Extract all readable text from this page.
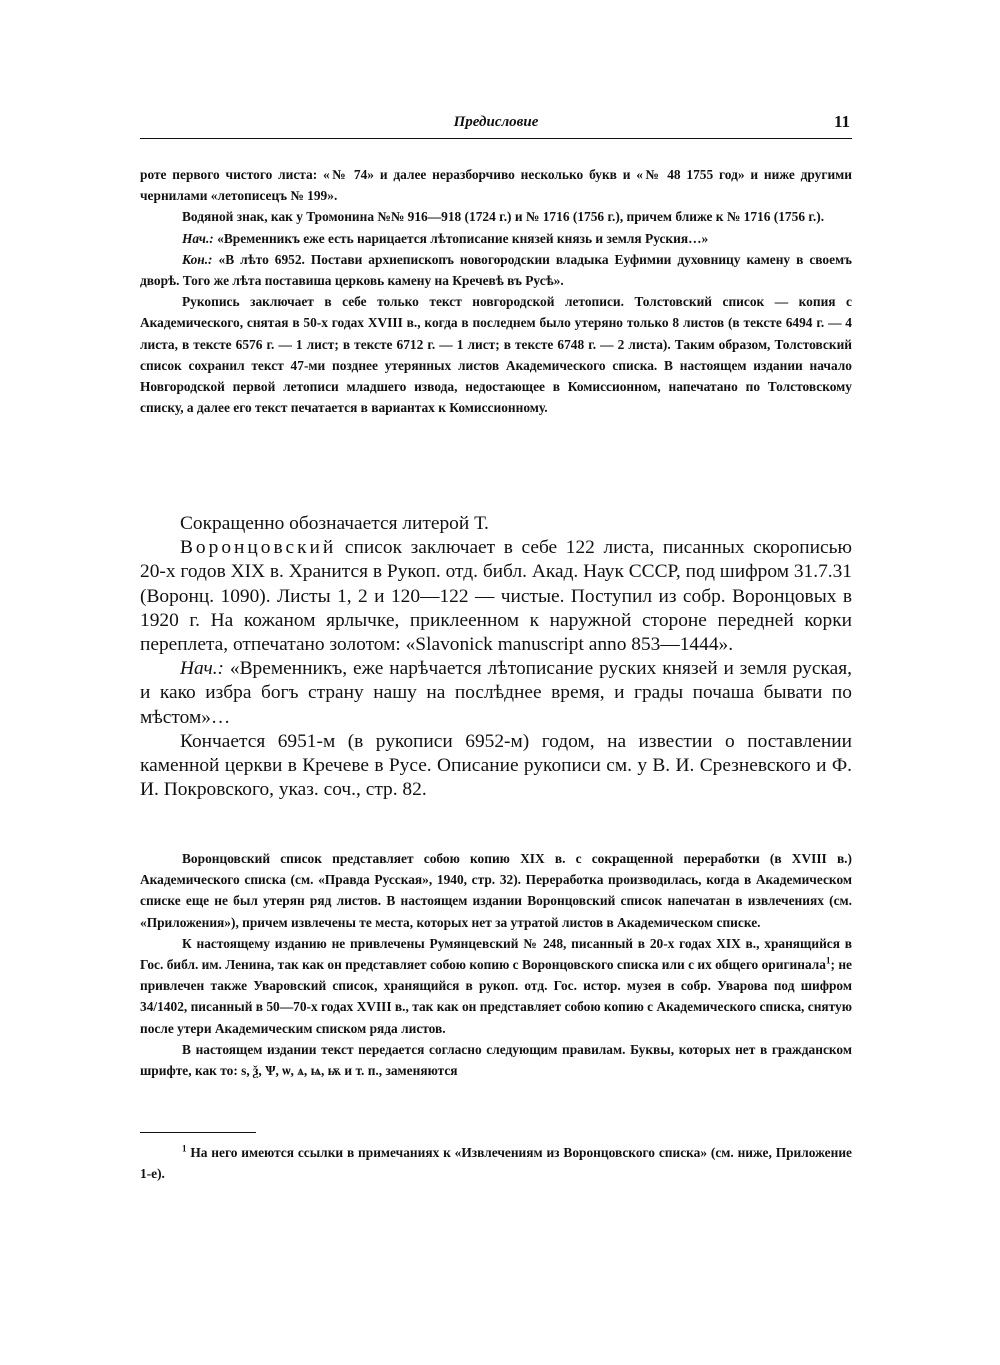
Предисловие	11

роте первого чистого листа: «№ 74» и далее неразборчиво несколько букв и «№ 48 1755 год» и ниже другими чернилами «летописецъ № 199».

Водяной знак, как у Тромонина №№ 916—918 (1724 г.) и № 1716 (1756 г.), причем ближе к № 1716 (1756 г.).

Нач.: «Временникъ еже есть нарицается лѣтописание князей князь и земля Руския…»

Кон.: «В лѣто 6952. Постави архиепископъ новогородскии владыка Еуфимии духовницу камену в своемъ дворѣ. Того же лѣта поставиша церковь камену на Кречевѣ въ Русѣ».

Рукопись заключает в себе только текст новгородской летописи. Толстовский список — копия с Академического, снятая в 50-х годах XVIII в., когда в последнем было утеряно только 8 листов (в тексте 6494 г. — 4 листа, в тексте 6576 г. — 1 лист; в тексте 6712 г. — 1 лист; в тексте 6748 г. — 2 листа). Таким образом, Толстовский список сохранил текст 47-ми позднее утерянных листов Академического списка. В настоящем издании начало Новгородской первой летописи младшего извода, недостающее в Комиссионном, напечатано по Толстовскому списку, а далее его текст печатается в вариантах к Комиссионному.

Сокращенно обозначается литерой Т.

Воронцовский список заключает в себе 122 листа, писанных скорописью 20-х годов XIX в. Хранится в Рукоп. отд. библ. Акад. Наук СССР, под шифром 31.7.31 (Воронц. 1090). Листы 1, 2 и 120—122 — чистые. Поступил из собр. Воронцовых в 1920 г. На кожаном ярлычке, приклеенном к наружной стороне передней корки переплета, отпечатано золотом: «Slavonick manuscript anno 853—1444».

Нач.: «Временникъ, еже нарѣчается лѣтописание руских князей и земля руская, и како избра богъ страну нашу на послѣднее время, и грады почаша бывати по мѣстом»…

Кончается 6951-м (в рукописи 6952-м) годом, на известии о поставлении каменной церкви в Кречеве в Русе. Описание рукописи см. у В. И. Срезневского и Ф. И. Покровского, указ. соч., стр. 82.

Воронцовский список представляет собою копию XIX в. с сокращенной переработки (в XVIII в.) Академического списка (см. «Правда Русская», 1940, стр. 32). Переработка производилась, когда в Академическом списке еще не был утерян ряд листов. В настоящем издании Воронцовский список напечатан в извлечениях (см. «Приложения»), причем извлечены те места, которых нет за утратой листов в Академическом списке.

К настоящему изданию не привлечены Румянцевский № 248, писанный в 20-х годах XIX в., хранящийся в Гос. библ. им. Ленина, так как он представляет собою копию с Воронцовского списка или с их общего оригинала$^1$; не привлечен также Уваровский список, хранящийся в рукоп. отд. Гос. истор. музея в собр. Уварова под шифром 34/1402, писанный в 50—70-х годах XVIII в., так как он представляет собою копию с Академического списка, снятую после утери Академическим списком ряда листов.

В настоящем издании текст передается согласно следующим правилам. Буквы, которых нет в гражданском шрифте, как то: s, ѯ, Ѱ, ѡ, ѧ, ѩ, ѭ и т. п., заменяются

$^1$ На него имеются ссылки в примечаниях к «Извлечениям из Воронцовского списка» (см. ниже, Приложение 1-е).
